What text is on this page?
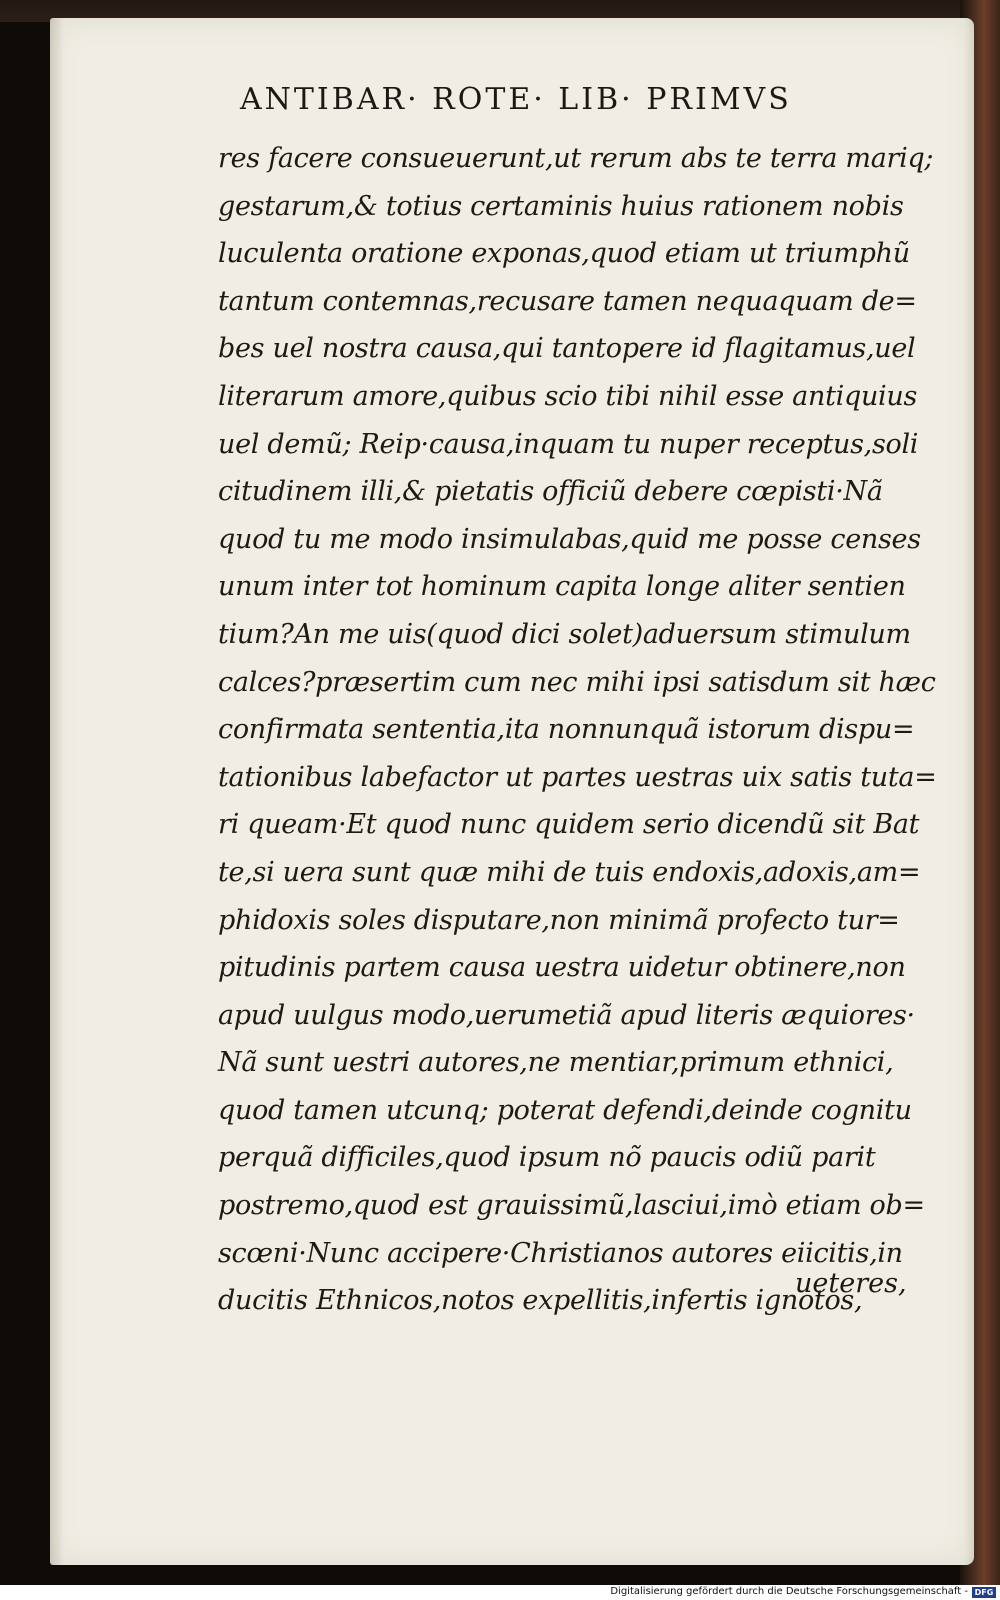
ANTIBAR· ROTE· LIB· PRIMVS
res facere consueuerunt,ut rerum abs te terra mariq;
gestarum,& totius certaminis huius rationem nobis
luculenta oratione exponas,quod etiam ut triumphũ
tantum contemnas,recusare tamen nequaquam de=
bes uel nostra causa,qui tantopere id flagitamus,uel
literarum amore,quibus scio tibi nihil esse antiquius
uel demũ; Reip·causa,inquam tu nuper receptus,soli
citudinem illi,& pietatis officiũ debere cœpisti·Nã
quod tu me modo insimulabas,quid me posse censes
unum inter tot hominum capita longe aliter sentien
tium?An me uis(quod dici solet)aduersum stimulum
calces?præsertim cum nec mihi ipsi satisdum sit hæc
confirmata sententia,ita nonnunquã istorum dispu=
tationibus labefactor ut partes uestras uix satis tuta=
ri queam·Et quod nunc quidem serio dicendũ sit Bat
te,si uera sunt quæ mihi de tuis endoxis,adoxis,am=
phidoxis soles disputare,non minimã profecto tur=
pitudinis partem causa uestra uidetur obtinere,non
apud uulgus modo,uerumetiã apud literis æquiores·
Nã sunt uestri autores,ne mentiar,primum ethnici,
quod tamen utcunq; poterat defendi,deinde cognitu
perquã difficiles,quod ipsum nõ paucis odiũ parit
postremo,quod est grauissimũ,lasciui,imò etiam ob=
scœni·Nunc accipere·Christianos autores eiicitis,in
ducitis Ethnicos,notos expellitis,infertis ignotos,
ueteres,
Digitalisierung gefördert durch die Deutsche Forschungsgemeinschaft - DFG
